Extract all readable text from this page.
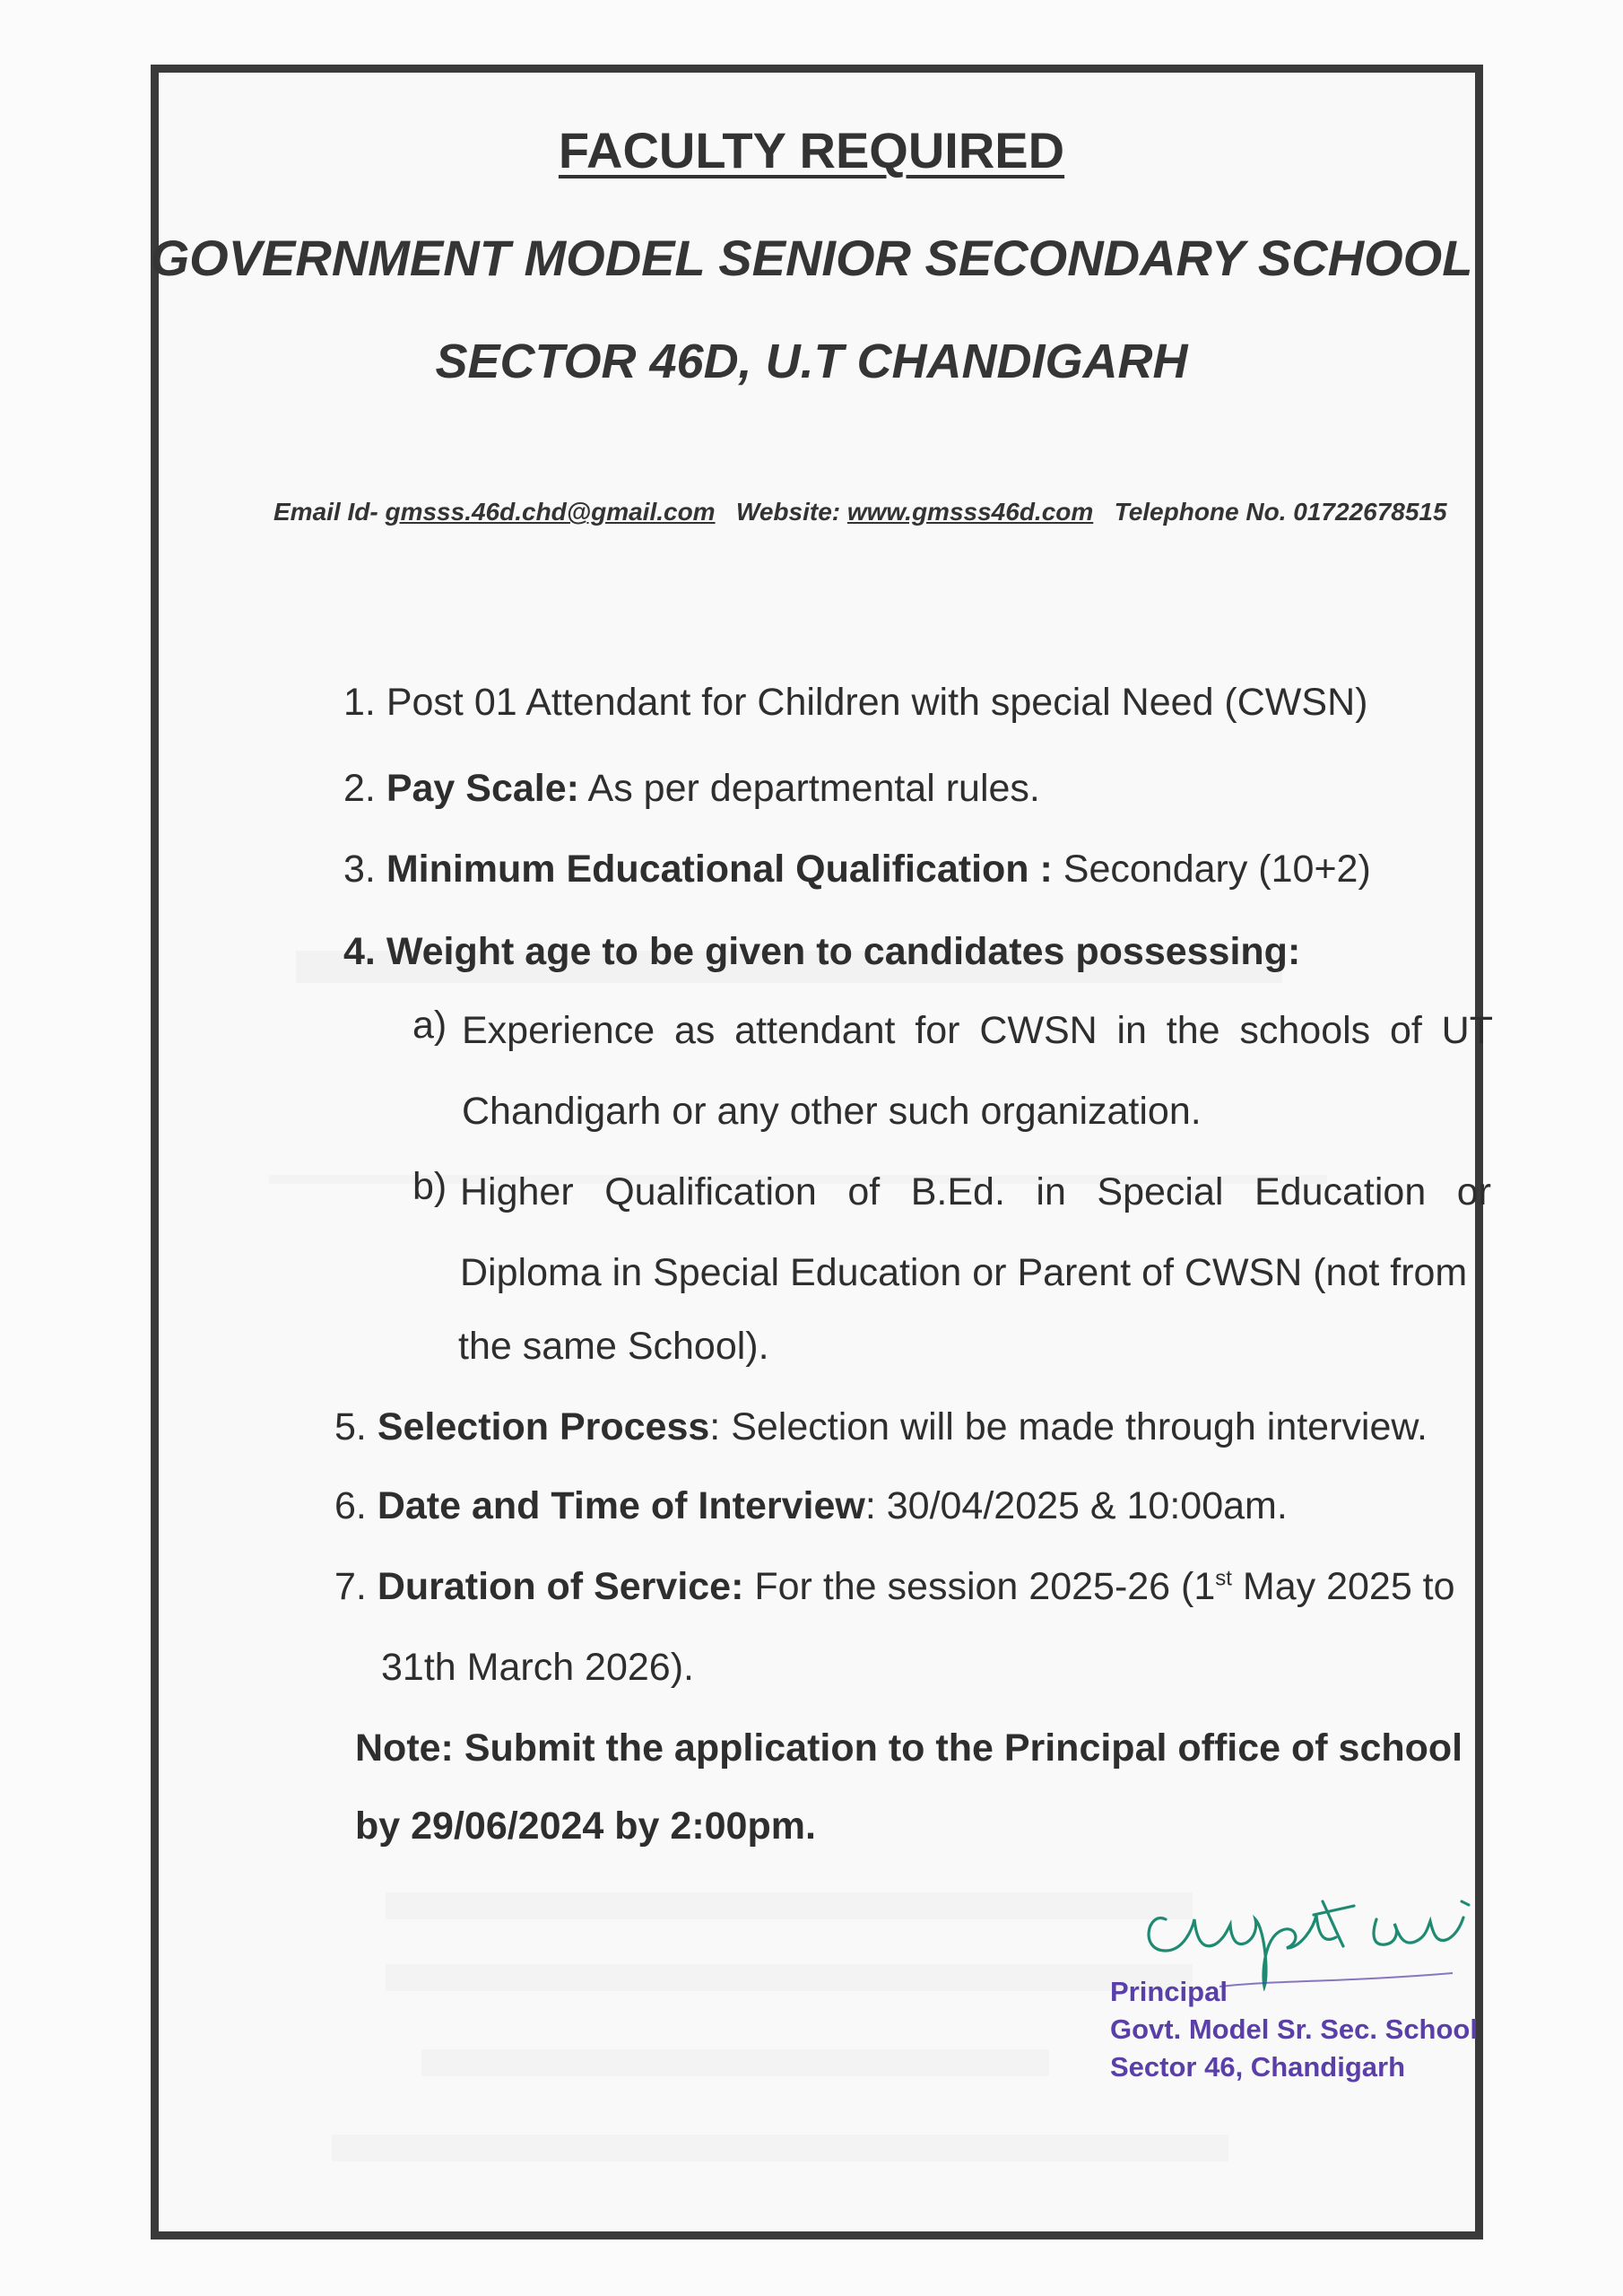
FACULTY REQUIRED
GOVERNMENT MODEL SENIOR SECONDARY SCHOOL
SECTOR 46D, U.T CHANDIGARH
Email Id- gmsss.46d.chd@gmail.com Website: www.gmsss46d.com Telephone No. 01722678515
1. Post 01 Attendant for Children with special Need (CWSN)
2. Pay Scale: As per departmental rules.
3. Minimum Educational Qualification : Secondary (10+2)
4. Weight age to be given to candidates possessing:
a) Experience as attendant for CWSN in the schools of UT
Chandigarh or any other such organization.
b) Higher Qualification of B.Ed. in Special Education or
Diploma in Special Education or Parent of CWSN (not from
the same School).
5. Selection Process: Selection will be made through interview.
6. Date and Time of Interview: 30/04/2025 & 10:00am.
7. Duration of Service: For the session 2025-26 (1st May 2025 to
31th March 2026).
Note: Submit the application to the Principal office of school
by 29/06/2024 by 2:00pm.
Principal
Govt. Model Sr. Sec. School
Sector 46, Chandigarh
